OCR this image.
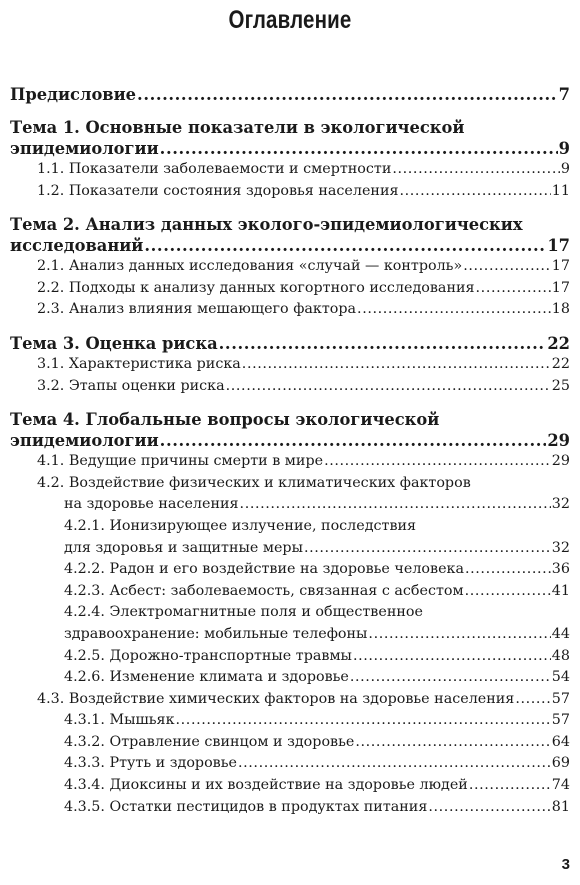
Оглавление
Предисловие .....	7
Тема 1. Основные показатели в экологической
эпидемиологии .....	9
1.1. Показатели заболеваемости и смертности .....	9
1.2. Показатели состояния здоровья населения .....	11
Тема 2. Анализ данных эколого-эпидемиологических
исследований .....	17
2.1. Анализ данных исследования «случай — контроль» .....	17
2.2. Подходы к анализу данных когортного исследования .....	17
2.3. Анализ влияния мешающего фактора .....	18
Тема 3. Оценка риска .....	22
3.1. Характеристика риска .....	22
3.2. Этапы оценки риска .....	25
Тема 4. Глобальные вопросы экологической
эпидемиологии .....	29
4.1. Ведущие причины смерти в мире .....	29
4.2. Воздействие физических и климатических факторов
на здоровье населения .....	32
4.2.1. Ионизирующее излучение, последствия
для здоровья и защитные меры .....	32
4.2.2. Радон и его воздействие на здоровье человека .....	36
4.2.3. Асбест: заболеваемость, связанная с асбестом .....	41
4.2.4. Электромагнитные поля и общественное
здравоохранение: мобильные телефоны .....	44
4.2.5. Дорожно-транспортные травмы .....	48
4.2.6. Изменение климата и здоровье .....	54
4.3. Воздействие химических факторов на здоровье населения .....	57
4.3.1. Мышьяк .....	57
4.3.2. Отравление свинцом и здоровье .....	64
4.3.3. Ртуть и здоровье .....	69
4.3.4. Диоксины и их воздействие на здоровье людей .....	74
4.3.5. Остатки пестицидов в продуктах питания .....	81
3
